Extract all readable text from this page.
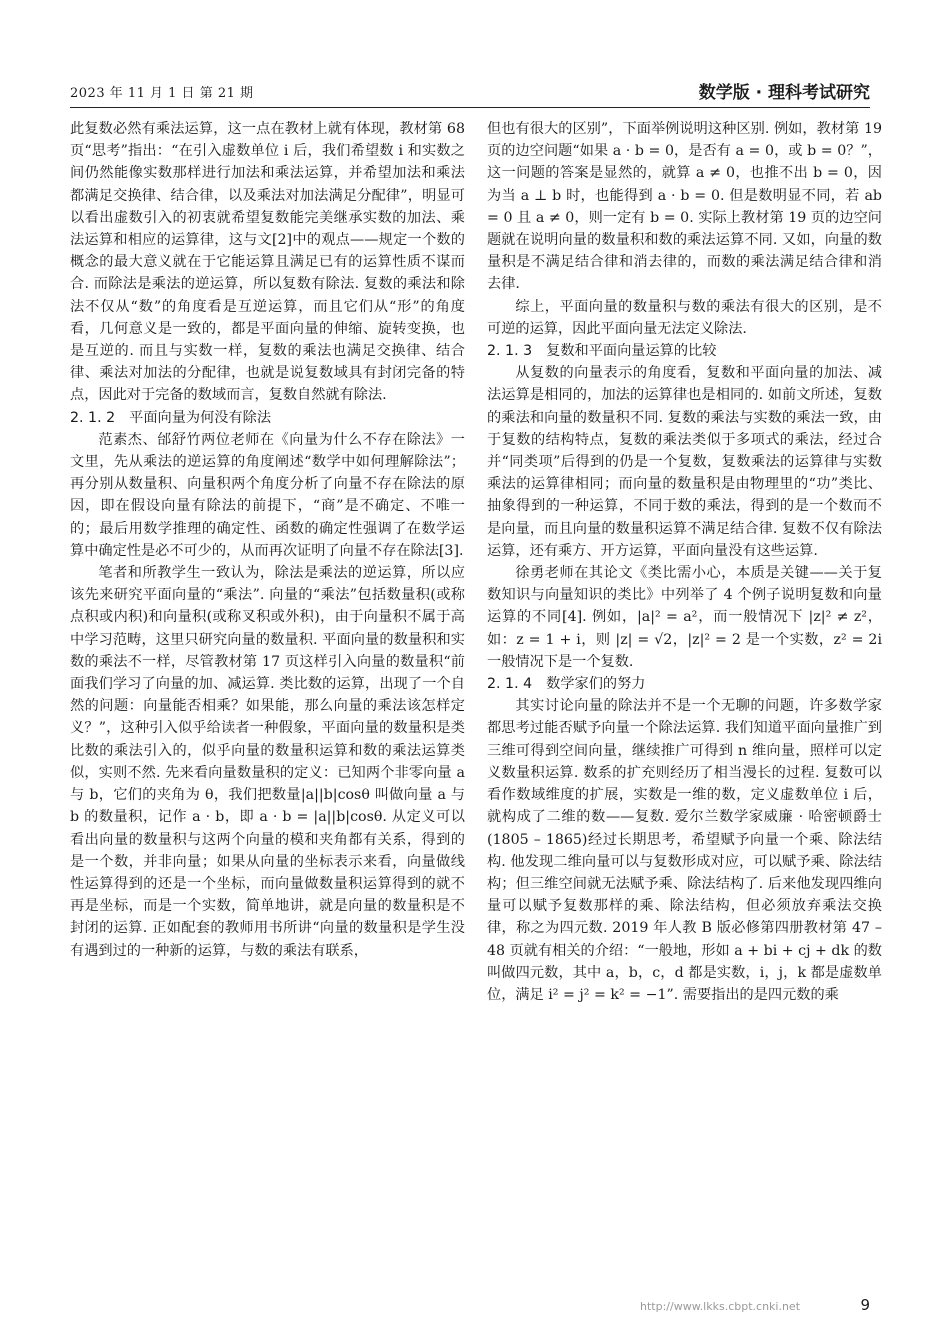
2023 年 11 月 1 日 第 21 期	数学版 · 理科考试研究

此复数必然有乘法运算，这一点在教材上就有体现，教材第 68 页“思考”指出：“在引入虚数单位 i 后，我们希望数 i 和实数之间仍然能像实数那样进行加法和乘法运算，并希望加法和乘法都满足交换律、结合律，以及乘法对加法满足分配律”，明显可以看出虚数引入的初衷就希望复数能完美继承实数的加法、乘法运算和相应的运算律，这与文[2]中的观点——规定一个数的概念的最大意义就在于它能运算且满足已有的运算性质不谋而合. 而除法是乘法的逆运算，所以复数有除法. 复数的乘法和除法不仅从“数”的角度看是互逆运算，而且它们从“形”的角度看，几何意义是一致的，都是平面向量的伸缩、旋转变换，也是互逆的. 而且与实数一样，复数的乘法也满足交换律、结合律、乘法对加法的分配律，也就是说复数域具有封闭完备的特点，因此对于完备的数域而言，复数自然就有除法.

2. 1. 2 平面向量为何没有除法

范素杰、邰舒竹两位老师在《向量为什么不存在除法》一文里，先从乘法的逆运算的角度阐述“数学中如何理解除法”；再分别从数量积、向量积两个角度分析了向量不存在除法的原因，即在假设向量有除法的前提下，“商”是不确定、不唯一的；最后用数学推理的确定性、函数的确定性强调了在数学运算中确定性是必不可少的，从而再次证明了向量不存在除法[3].

笔者和所教学生一致认为，除法是乘法的逆运算，所以应该先来研究平面向量的“乘法”. 向量的“乘法”包括数量积(或称点积或内积)和向量积(或称叉积或外积)，由于向量积不属于高中学习范畴，这里只研究向量的数量积. 平面向量的数量积和实数的乘法不一样，尽管教材第 17 页这样引入向量的数量积“前面我们学习了向量的加、减运算. 类比数的运算，出现了一个自然的问题：向量能否相乘？如果能，那么向量的乘法该怎样定义？”，这种引入似乎给读者一种假象，平面向量的数量积是类比数的乘法引入的，似乎向量的数量积运算和数的乘法运算类似，实则不然. 先来看向量数量积的定义：已知两个非零向量 a 与 b，它们的夹角为 θ，我们把数量|a||b|cosθ 叫做向量 a 与 b 的数量积，记作 a · b，即 a · b = |a||b|cosθ. 从定义可以看出向量的数量积与这两个向量的模和夹角都有关系，得到的是一个数，并非向量；如果从向量的坐标表示来看，向量做线性运算得到的还是一个坐标，而向量做数量积运算得到的就不再是坐标，而是一个实数，简单地讲，就是向量的数量积是不封闭的运算. 正如配套的教师用书所讲“向量的数量积是学生没有遇到过的一种新的运算，与数的乘法有联系，

但也有很大的区别”，下面举例说明这种区别. 例如，教材第 19 页的边空问题“如果 a · b = 0，是否有 a = 0，或 b = 0？”，这一问题的答案是显然的，就算 a ≠ 0，也推不出 b = 0，因为当 a ⊥ b 时，也能得到 a · b = 0. 但是数明显不同，若 ab = 0 且 a ≠ 0，则一定有 b = 0. 实际上教材第 19 页的边空问题就在说明向量的数量积和数的乘法运算不同. 又如，向量的数量积是不满足结合律和消去律的，而数的乘法满足结合律和消去律.

综上，平面向量的数量积与数的乘法有很大的区别，是不可逆的运算，因此平面向量无法定义除法.

2. 1. 3 复数和平面向量运算的比较

从复数的向量表示的角度看，复数和平面向量的加法、减法运算是相同的，加法的运算律也是相同的. 如前文所述，复数的乘法和向量的数量积不同. 复数的乘法与实数的乘法一致，由于复数的结构特点，复数的乘法类似于多项式的乘法，经过合并“同类项”后得到的仍是一个复数，复数乘法的运算律与实数乘法的运算律相同；而向量的数量积是由物理里的“功”类比、抽象得到的一种运算，不同于数的乘法，得到的是一个数而不是向量，而且向量的数量积运算不满足结合律. 复数不仅有除法运算，还有乘方、开方运算，平面向量没有这些运算.

徐勇老师在其论文《类比需小心，本质是关键——关于复数知识与向量知识的类比》中列举了 4 个例子说明复数和向量运算的不同[4]. 例如，|a|² = a²，而一般情况下 |z|² ≠ z²，如：z = 1 + i，则 |z| = √2，|z|² = 2 是一个实数，z² = 2i 一般情况下是一个复数.

2. 1. 4 数学家们的努力

其实讨论向量的除法并不是一个无聊的问题，许多数学家都思考过能否赋予向量一个除法运算. 我们知道平面向量推广到三维可得到空间向量，继续推广可得到 n 维向量，照样可以定义数量积运算. 数系的扩充则经历了相当漫长的过程. 复数可以看作数域维度的扩展，实数是一维的数，定义虚数单位 i 后，就构成了二维的数——复数. 爱尔兰数学家威廉 · 哈密顿爵士(1805 – 1865)经过长期思考，希望赋予向量一个乘、除法结构. 他发现二维向量可以与复数形成对应，可以赋予乘、除法结构；但三维空间就无法赋予乘、除法结构了. 后来他发现四维向量可以赋予复数那样的乘、除法结构，但必须放弃乘法交换律，称之为四元数. 2019 年人教 B 版必修第四册教材第 47 – 48 页就有相关的介绍：“一般地，形如 a + bi + cj + dk 的数叫做四元数，其中 a，b，c，d 都是实数，i，j，k 都是虚数单位，满足 i² = j² = k² = −1”. 需要指出的是四元数的乘

http://www.lkks.cbpt.cnki.net	9
